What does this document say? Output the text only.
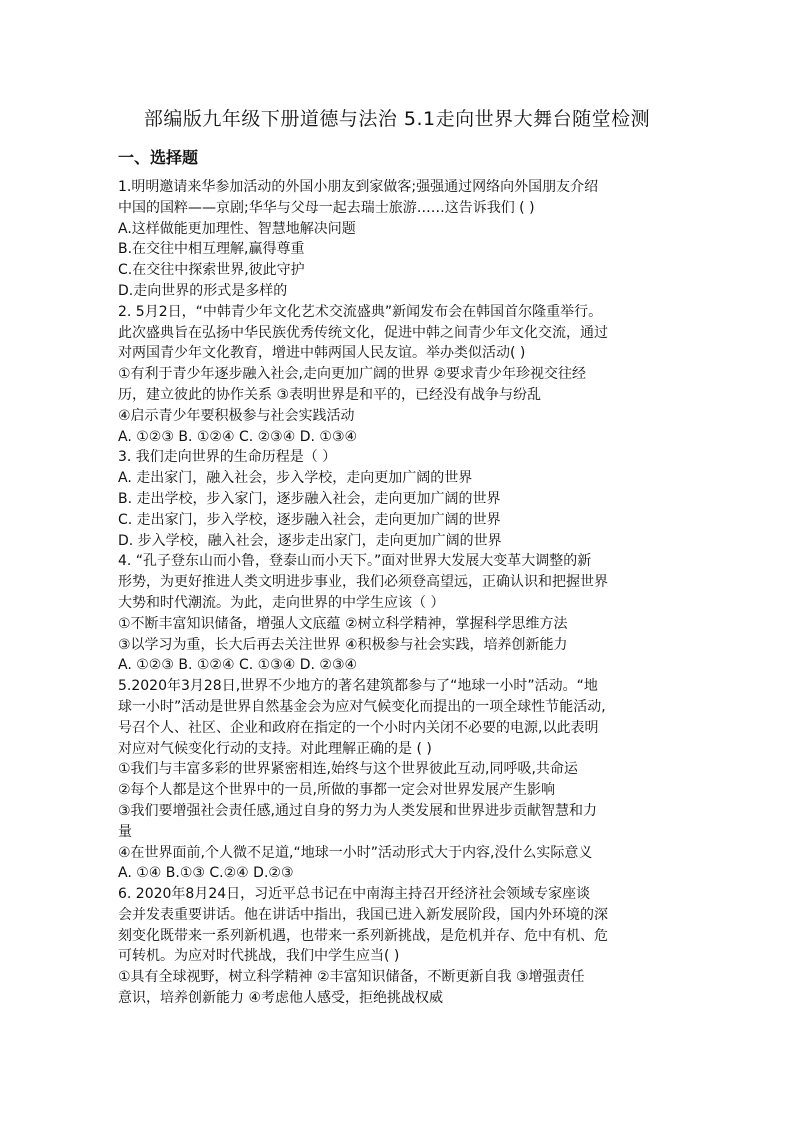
部编版九年级下册道德与法治 5.1走向世界大舞台随堂检测
一、选择题
1.明明邀请来华参加活动的外国小朋友到家做客;强强通过网络向外国朋友介绍
中国的国粹——京剧;华华与父母一起去瑞士旅游……这告诉我们 ( )
A.这样做能更加理性、智慧地解决问题
B.在交往中相互理解,赢得尊重
C.在交往中探索世界,彼此守护
D.走向世界的形式是多样的
2. 5月2日，“中韩青少年文化艺术交流盛典”新闻发布会在韩国首尔隆重举行。
此次盛典旨在弘扬中华民族优秀传统文化，促进中韩之间青少年文化交流，通过
对两国青少年文化教育，增进中韩两国人民友谊。举办类似活动( )
①有利于青少年逐步融入社会,走向更加广阔的世界 ②要求青少年珍视交往经
历，建立彼此的协作关系 ③表明世界是和平的，已经没有战争与纷乱
④启示青少年要积极参与社会实践活动
A. ①②③ B. ①②④ C. ②③④ D. ①③④
3. 我们走向世界的生命历程是（ ）
A. 走出家门，融入社会，步入学校，走向更加广阔的世界
B. 走出学校，步入家门，逐步融入社会，走向更加广阔的世界
C. 走出家门，步入学校，逐步融入社会，走向更加广阔的世界
D. 步入学校，融入社会，逐步走出家门，走向更加广阔的世界
4. “孔子登东山而小鲁，登泰山而小天下。”面对世界大发展大变革大调整的新
形势，为更好推进人类文明进步事业，我们必须登高望远，正确认识和把握世界
大势和时代潮流。为此，走向世界的中学生应该（ ）
①不断丰富知识储备，增强人文底蕴 ②树立科学精神，掌握科学思维方法
③以学习为重，长大后再去关注世界 ④积极参与社会实践，培养创新能力
A. ①②③ B. ①②④ C. ①③④ D. ②③④
5.2020年3月28日,世界不少地方的著名建筑都参与了“地球一小时”活动。“地
球一小时”活动是世界自然基金会为应对气候变化而提出的一项全球性节能活动,
号召个人、社区、企业和政府在指定的一个小时内关闭不必要的电源,以此表明
对应对气候变化行动的支持。对此理解正确的是 ( )
①我们与丰富多彩的世界紧密相连,始终与这个世界彼此互动,同呼吸,共命运
②每个人都是这个世界中的一员,所做的事都一定会对世界发展产生影响
③我们要增强社会责任感,通过自身的努力为人类发展和世界进步贡献智慧和力
量
④在世界面前,个人微不足道,“地球一小时”活动形式大于内容,没什么实际意义
A. ①④ B.①③ C.②④ D.②③
6. 2020年8月24日，习近平总书记在中南海主持召开经济社会领域专家座谈
会并发表重要讲话。他在讲话中指出，我国已进入新发展阶段，国内外环境的深
刻变化既带来一系列新机遇，也带来一系列新挑战，是危机并存、危中有机、危
可转机。为应对时代挑战，我们中学生应当( )
①具有全球视野，树立科学精神 ②丰富知识储备，不断更新自我 ③增强责任
意识，培养创新能力 ④考虑他人感受，拒绝挑战权威
